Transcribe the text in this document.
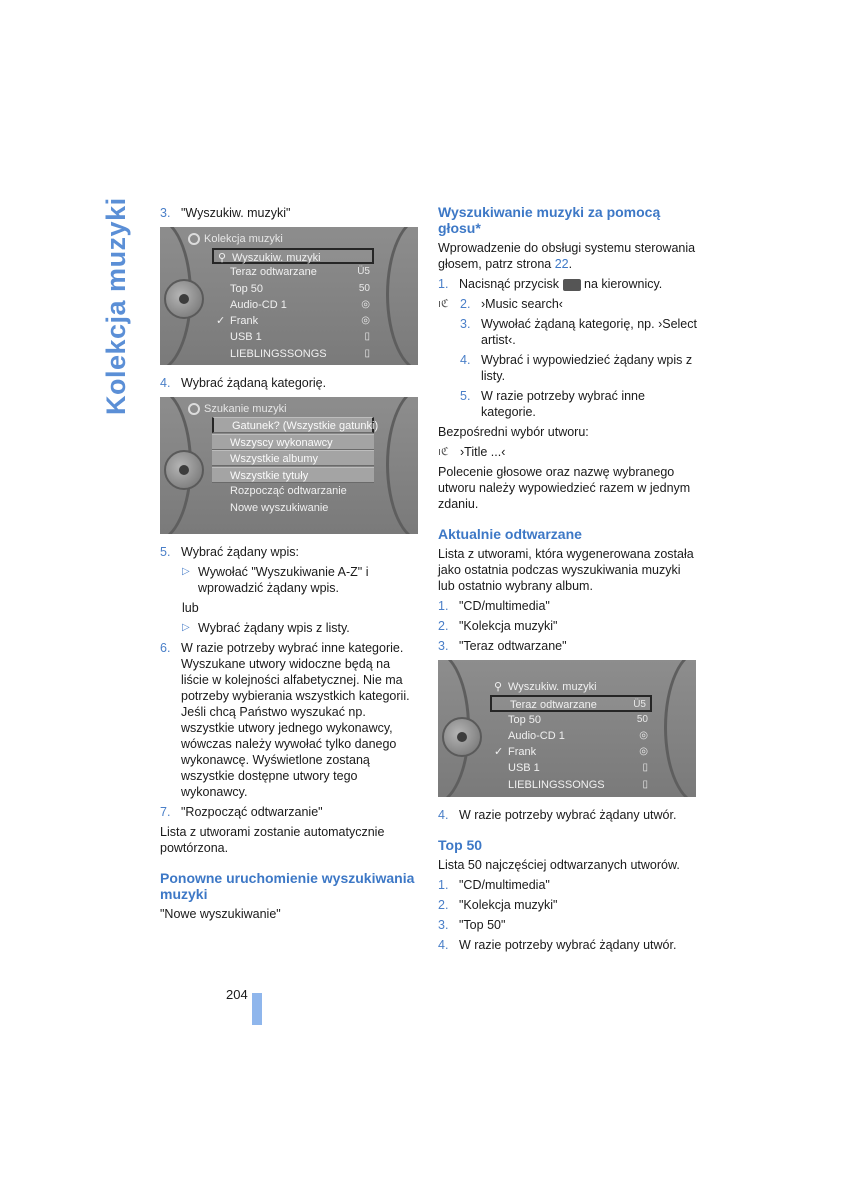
Kolekcja muzyki 3. "Wyszukiw. muzyki"
Kolekcja muzyki
⚲ Wyszukiw. muzyki
Teraz odtwarzane	Ü5
Top 50	50
Audio-CD 1	◎
✓ Frank	◎
USB 1	▯
LIEBLINGSSONGS	▯
4. Wybrać żądaną kategorię.
Szukanie muzyki
Gatunek? (Wszystkie gatunki)
Wszyscy wykonawcy
Wszystkie albumy
Wszystkie tytuły
Rozpocząć odtwarzanie
Nowe wyszukiwanie
5. Wybrać żądany wpis:
▷ Wywołać "Wyszukiwanie A-Z" i wprowadzić żądany wpis.
lub
▷ Wybrać żądany wpis z listy.
6. W razie potrzeby wybrać inne kategorie. Wyszukane utwory widoczne będą na liście w kolejności alfabetycznej. Nie ma potrzeby wybierania wszystkich kategorii. Jeśli chcą Państwo wyszukać np. wszystkie utwory jednego wykonawcy, wówczas należy wywołać tylko danego wykonawcę. Wyświetlone zostaną wszystkie dostępne utwory tego wykonawcy.
7. "Rozpocząć odtwarzanie"
Lista z utworami zostanie automatycznie powtórzona.
Ponowne uruchomienie wyszukiwania muzyki
"Nowe wyszukiwanie"
Wyszukiwanie muzyki za pomocą głosu*
Wprowadzenie do obsługi systemu sterowania głosem, patrz strona 22.
1. Nacisnąć przycisk na kierownicy.
ıℭ 2. ›Music search‹
3. Wywołać żądaną kategorię, np. ›Select artist‹.
4. Wybrać i wypowiedzieć żądany wpis z listy.
5. W razie potrzeby wybrać inne kategorie.
Bezpośredni wybór utworu:
ıℭ ›Title ...‹
Polecenie głosowe oraz nazwę wybranego utworu należy wypowiedzieć razem w jednym zdaniu.
Aktualnie odtwarzane
Lista z utworami, która wygenerowana została jako ostatnia podczas wyszukiwania muzyki lub ostatnio wybrany album.
1. "CD/multimedia"
2. "Kolekcja muzyki"
3. "Teraz odtwarzane"
⚲ Wyszukiw. muzyki
Teraz odtwarzane	Ü5
Top 50	50
Audio-CD 1	◎
✓ Frank	◎
USB 1	▯
LIEBLINGSSONGS	▯
4. W razie potrzeby wybrać żądany utwór.
Top 50
Lista 50 najczęściej odtwarzanych utworów.
1. "CD/multimedia"
2. "Kolekcja muzyki"
3. "Top 50"
4. W razie potrzeby wybrać żądany utwór.
204
